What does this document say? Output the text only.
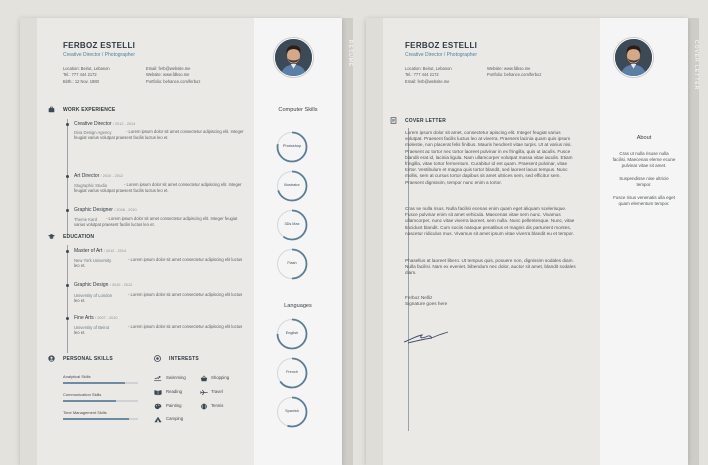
RESUME	COVER LETTER
FERBOZ ESTELLI
Creative Director / Photographer
Location: Beirut, Lebanon
Tel.: 777 444 2172
Birth.: 12 Nov. 1980
Email: ferb@website.me
Website: www.fdkso.me
Portfolio: behance.com/ferboz
WORK EXPERIENCE
Creative Director / 2012 - 2014
Diva Design Agency	- Lorem ipsum dolor sit amet consectetur adipiscing elit. Integer feugiat varius volutpat praesent facilis luctus leo et.
Art Director / 2010 - 2012
Stugraphic Studio	- Lorem ipsum dolor sit amet consectetur adipiscing elit. Integer feugiat varius volutpat praesent facilis luctus leo et.
Graphic Designer / 2008 - 2010
Theme Kard	- Lorem ipsum dolor sit amet consectetur adipiscing elit. Integer feugiat varius volutpat praesent facilis luctus leo et.
EDUCATION
Master of Art / 2012 - 2014
New York University	- Lorem ipsum dolor sit amet consectetur adipiscing elit luctus leo et.
Graphic Design / 2010 - 2012
University of London	- Lorem ipsum dolor sit amet consectetur adipiscing elit luctus leo et.
Fine Arts / 2007 - 2010
University of Beirut	- Lorem ipsum dolor sit amet consectetur adipiscing elit luctus leo et.
PERSONAL SKILLS
Analytical Skills
Communication Skills
Time Management Skills
INTERESTS
Swimming	Shopping
Reading	Travel
Painting	Tennis
Camping
Computer Skills
Photoshop
Illustrator
3Ds Max
Flash
Languages
English
French
Spanish
FERBOZ ESTELLI
Creative Director / Photographer
Location: Beirut, Lebanon
Tel.: 777 444 2172
Email: ferb@website.me
Website: www.fdkso.me
Portfolio: behance.com/ferboz
COVER LETTER
Lorem ipsum dolor sit amet, consectetur apiscing elit. Integer feugiat varius volutpat. Praesent facilis luctus leo at viverra. Praesent lacinia quam quis ipsum molestie, non placerat felis finibus. Mauris hendrerit vitae turpis. Ut at varius nisi. Praesent ac tortor nec tortor laoreet pulvinar in ex fringilla, quis ut iaculis. Fusce blandit erat id, lacinia ligula. Nam ullamcorper volutpat massa vitae iaculis. Etiam fringilla, vitae tortor fermentum. Curabitur id est quam. Praesent pulvinar, vitae tortor. Vestibulum et magna quis tortor blandit, sed laoreet lacus tempus. Nunc mollis, sem at cursus tortor dapibus sit amet ultrices sem, sed efficitur sem. Praesent dignissim, tempor nunc enim a tortor.
Cras se nulla risus. Nulla facilisi ecenas enim quam eget aliquam scelerisque. Fusce pulvinar enim sit amet vehicula. Maecenas vitae sem nunc. Vivamus ullamcorper, nunc vitae viverra laoreet, sem nulla. Nunc pellentesque. Nunc, vitae tincidunt blandit. Cum sociis natoque penatibus et magnis dis parturient montes, nascetur ridiculus mus. Vivamus sit amet ipsum vitae viverra blandit eu et tempor.
Phasellus at laoreet libero. Ut tempus quis, posuere non, dignissim sodales diam. Nulla facilisi. Nam ex eveniet, bibendum nec dolor, auctor sit amet, blandit sodales diam.
Ferboz Nelliz
Signature goes here
About
Cras ut nulla risuse nulla facilisi. Maecenas elerne ecune pulvinar vitae sit amet.
Suspendisse nise ultricie tempor.
Fusce risus venenatis ulla eget quam elementum tempor.
